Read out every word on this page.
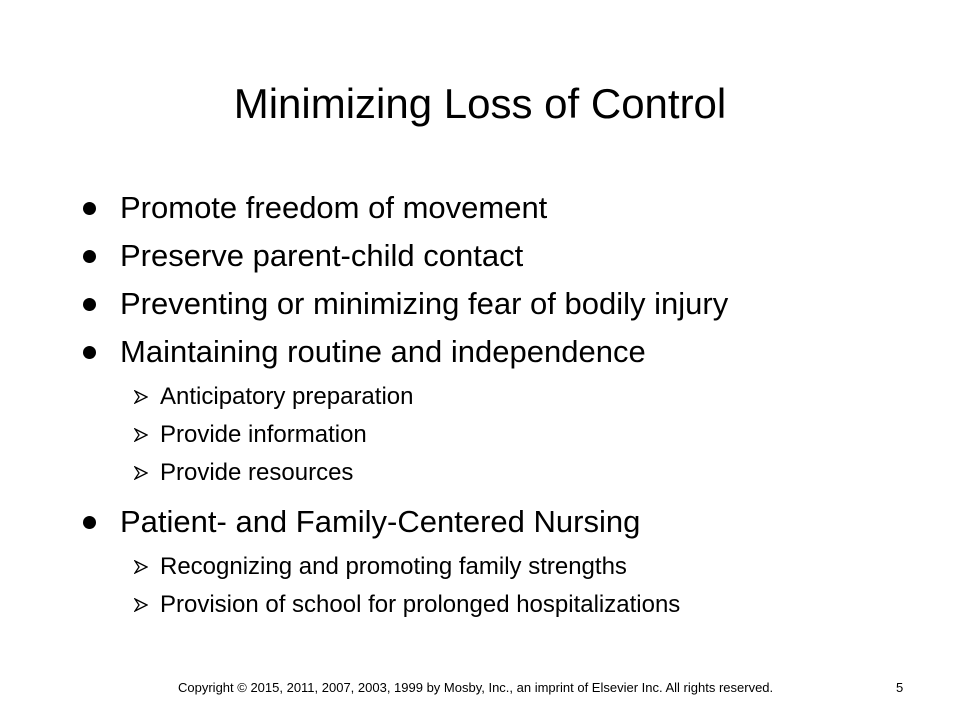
Minimizing Loss of Control
Promote freedom of movement
Preserve parent-child contact
Preventing or minimizing fear of bodily injury
Maintaining routine and independence
Anticipatory preparation
Provide information
Provide resources
Patient- and Family-Centered Nursing
Recognizing and promoting family strengths
Provision of school for prolonged hospitalizations
Copyright © 2015, 2011, 2007, 2003, 1999 by Mosby, Inc., an imprint of Elsevier Inc. All rights reserved.	5
